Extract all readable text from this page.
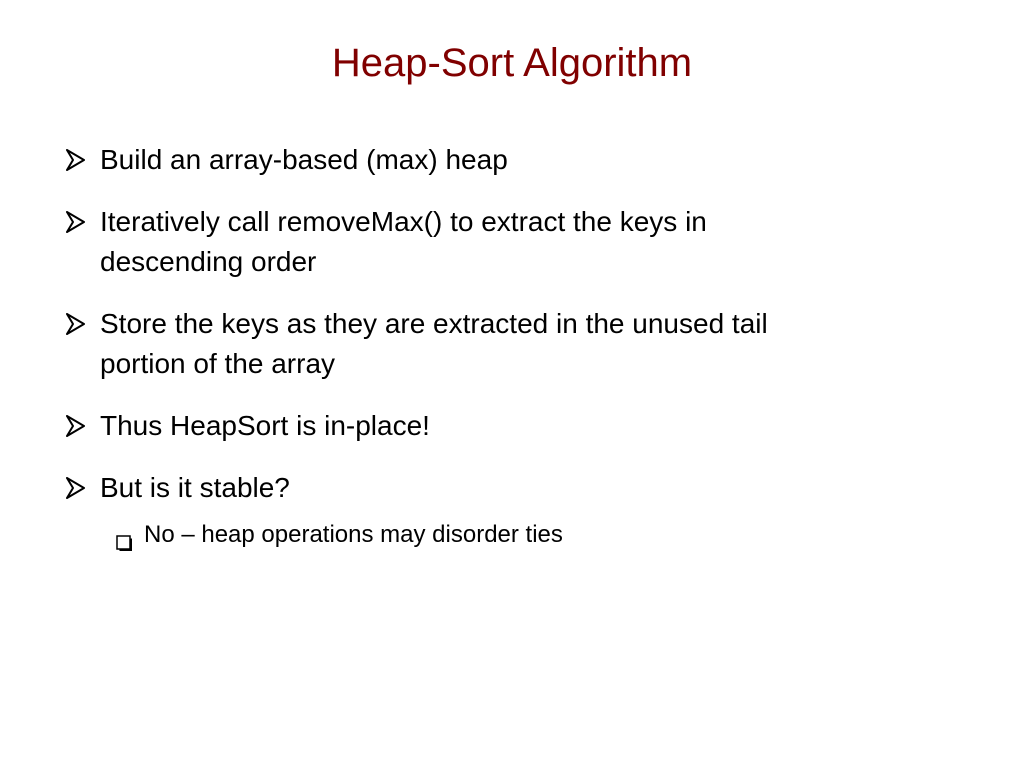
Heap-Sort Algorithm
Build an array-based (max) heap
Iteratively call removeMax() to extract the keys in
descending order
Store the keys as they are extracted in the unused tail
portion of the array
Thus HeapSort is in-place!
But is it stable?
No – heap operations may disorder ties
